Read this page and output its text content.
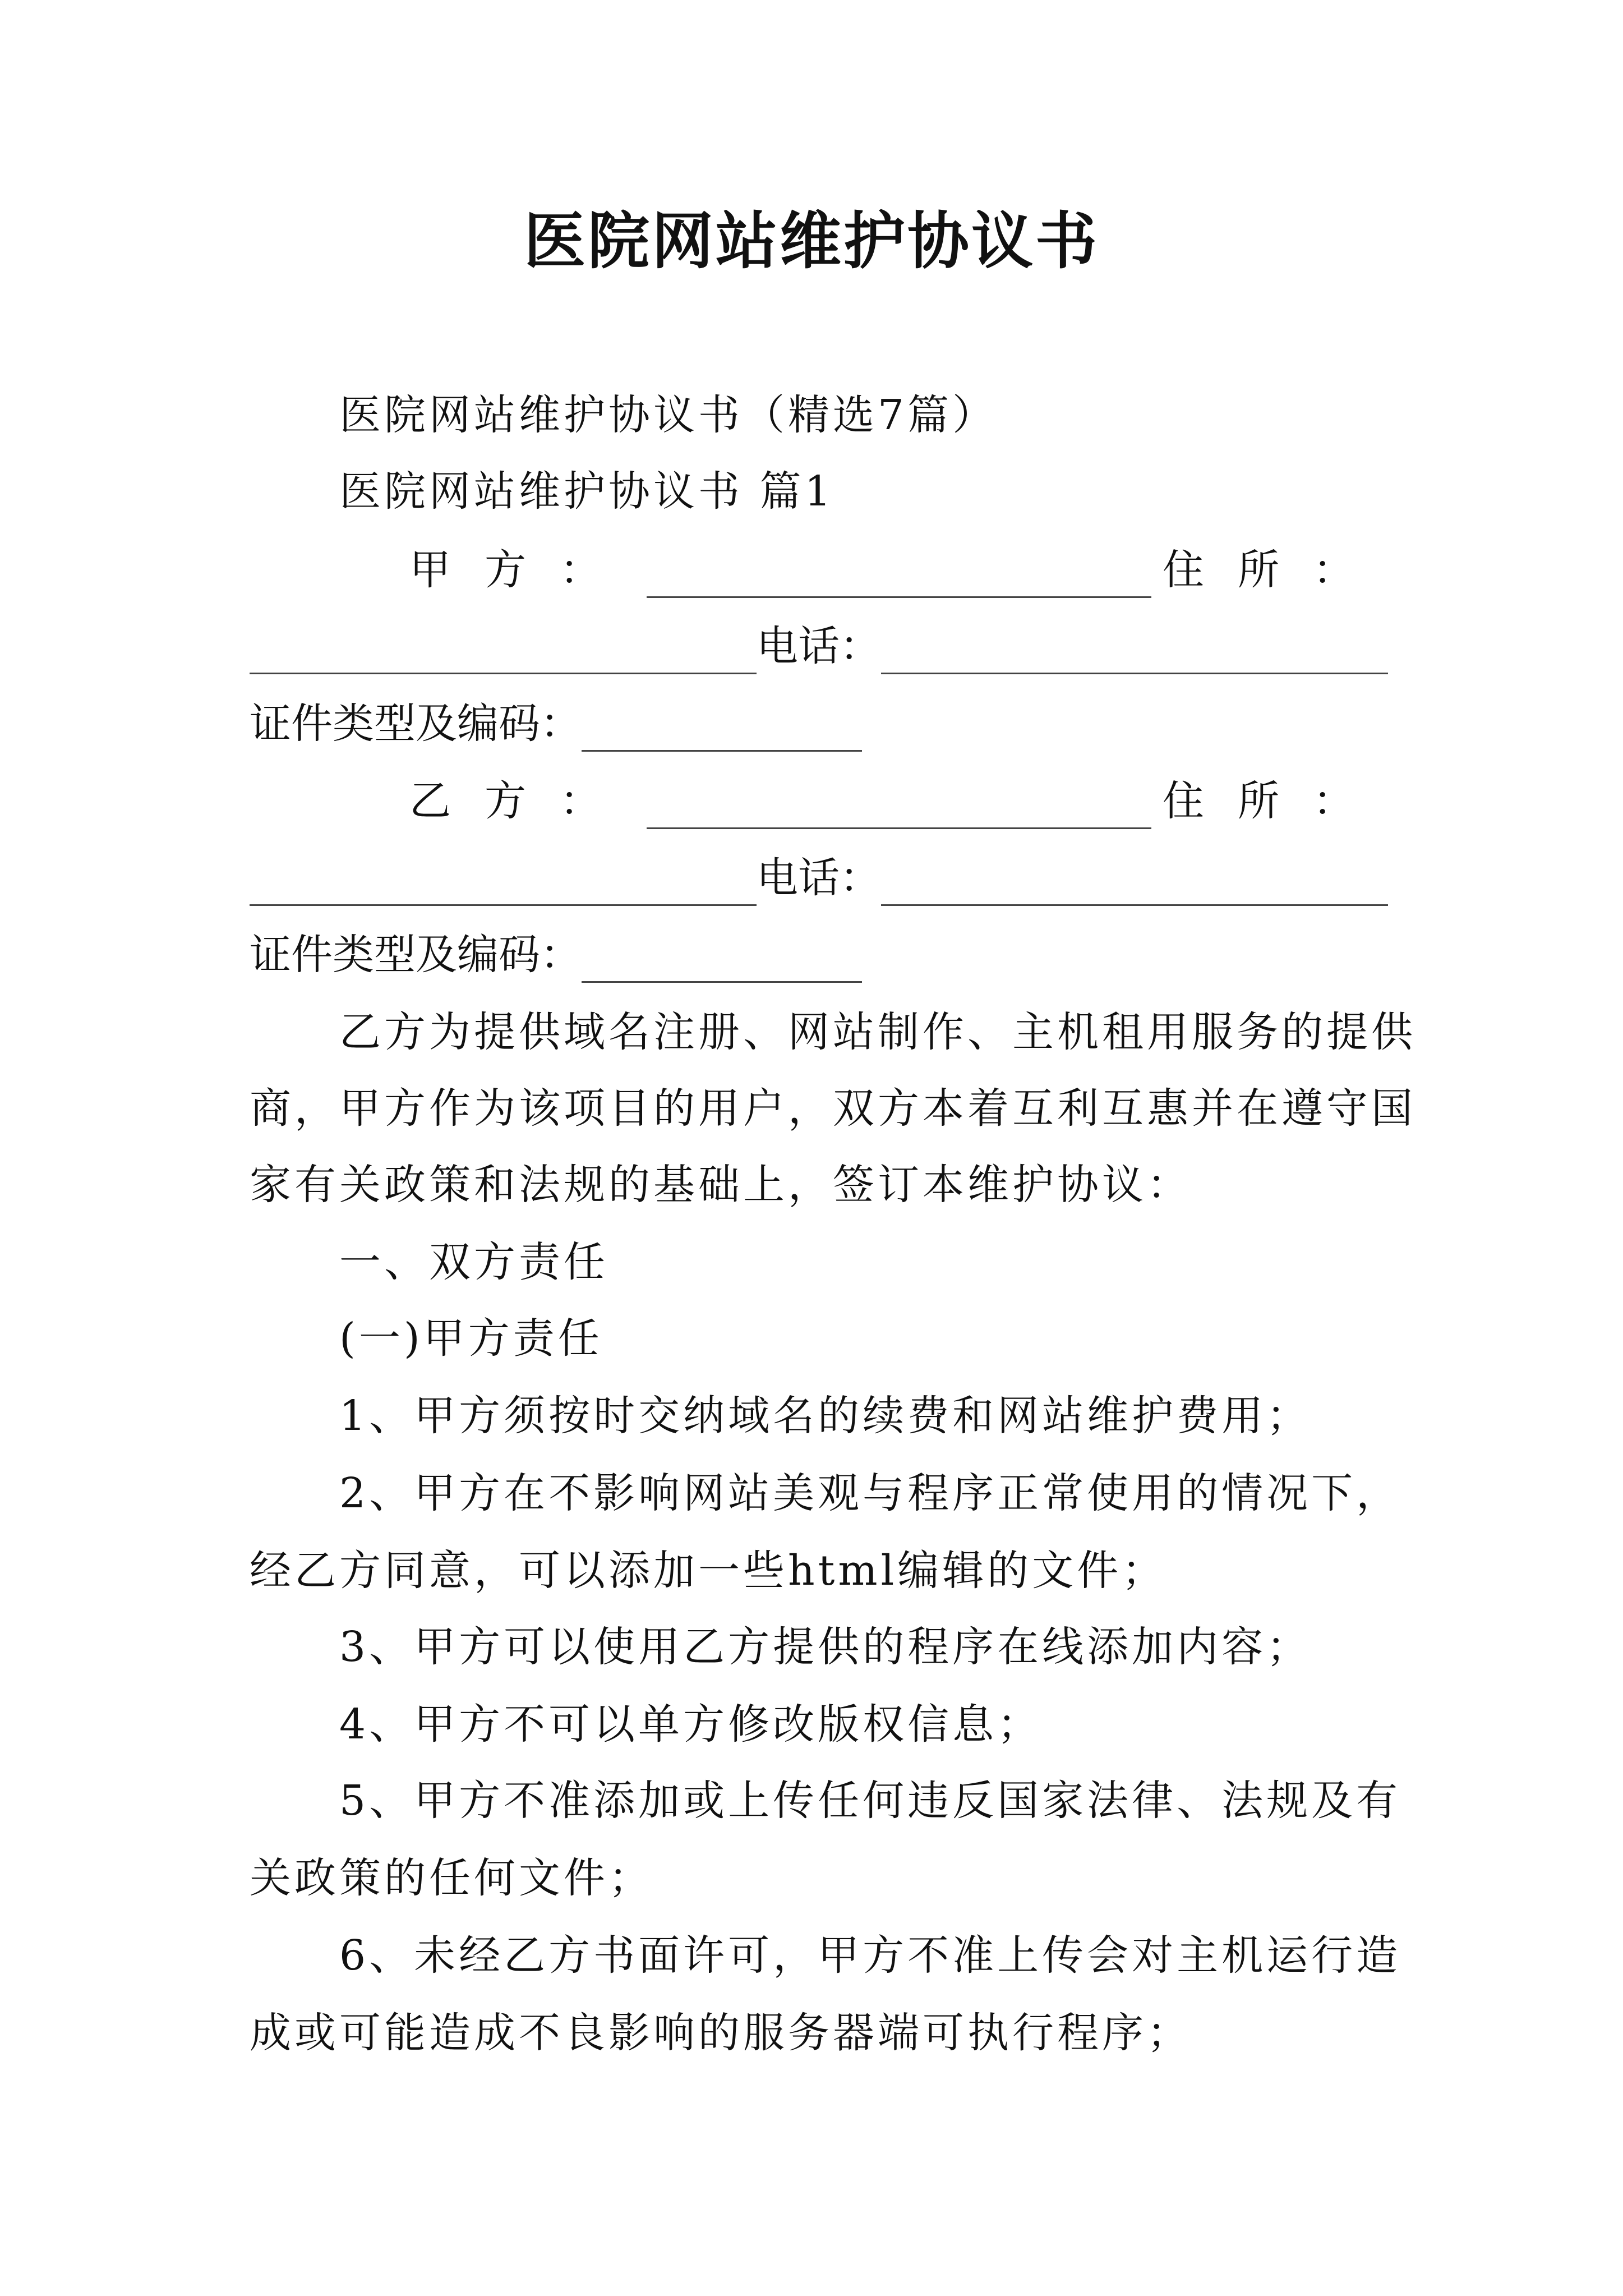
医院网站维护协议书
医院网站维护协议书（精选7篇）
医院网站维护协议书 篇1
甲方：	住所：
电话：
证件类型及编码：
乙方：	住所：
电话：
证件类型及编码：
乙方为提供域名注册、网站制作、主机租用服务的提供
商，甲方作为该项目的用户，双方本着互利互惠并在遵守国
家有关政策和法规的基础上，签订本维护协议：
一、双方责任
(一)甲方责任
1、甲方须按时交纳域名的续费和网站维护费用；
2、甲方在不影响网站美观与程序正常使用的情况下，
经乙方同意，可以添加一些html编辑的文件；
3、甲方可以使用乙方提供的程序在线添加内容；
4、甲方不可以单方修改版权信息；
5、甲方不准添加或上传任何违反国家法律、法规及有
关政策的任何文件；
6、未经乙方书面许可，甲方不准上传会对主机运行造
成或可能造成不良影响的服务器端可执行程序；
